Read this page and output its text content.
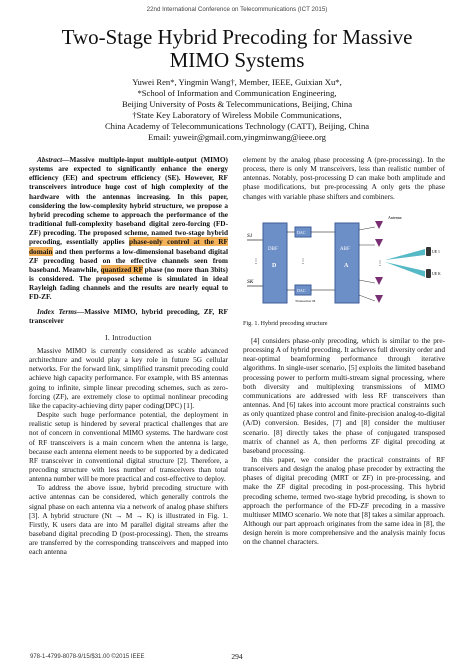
22nd International Conference on Telecommunications (ICT 2015)
Two-Stage Hybrid Precoding for Massive MIMO Systems
Yuwei Ren*, Yingmin Wang†, Member, IEEE, Guixian Xu*,
*School of Information and Communication Engineering,
Beijing University of Posts & Telecommunications, Beijing, China
†State Key Laboratory of Wireless Mobile Communications,
China Academy of Telecommunications Technology (CATT), Beijing, China
Email: yuweir@gmail.com,yingminwang@ieee.org

Abstract—Massive multiple-input multiple-output (MIMO) systems are expected to significantly enhance the energy efficiency (EE) and spectrum efficiency (SE). However, RF transceivers introduce huge cost of high complexity of the hardware with the antennas increasing. In this paper, considering the low-complexity hybrid structure, we propose a hybrid precoding scheme to approach the performance of the traditional full-complexity baseband digital zero-forcing (FD-ZF) precoding. The proposed scheme, named two-stage hybrid precoding, essentially applies phase-only control at the RF domain and then performs a low-dimensional baseband digital ZF precoding based on the effective channels seen from baseband. Meanwhile, quantized RF phase (no more than 3bits) is considered. The proposed scheme is simulated in ideal Rayleigh fading channels and the results are nearly equal to FD-ZF.

Index Terms—Massive MIMO, hybrid precoding, ZF, RF transceiver

I. Introduction

Massive MIMO is currently considered as scable advanced architechture and would play a key role in future 5G cellular networks. For the forward link, simplified transmit precoding could achieve high capacity performance. For example, with BS antennas going to infinite, simple linear precoding schemes, such as zero-forcing (ZF), are extremely close to optimal nonlinear precoding like the capacity-achieving dirty paper coding(DPC) [1].

Despite such huge performance potential, the deployment in realistic setup is hindered by several practical challenges that are not of concern in conventional MIMO systems. The hardware cost of RF transceivers is a main concern when the antenna is large, because each antenna element needs to be supported by a dedicated RF transceiver in conventional digital structure [2]. Therefore, a precoding structure with less number of transceivers than total antenna number will be more practical and cost-effective to deploy.

To address the above issue, hybrid precoding structure with active antennas can be considered, which generally controls the signal phase on each antenna via a network of analog phase shifters [3]. A hybrid structure (Nt → M → K) is illustrated in Fig. 1. Firstly, K users data are into M parallel digital streams after the baseband digital precoding D (post-processing). Then, the streams are transferred by the corresponding transceivers and mapped into each antenna

element by the analog phase processing A (pre-processing). In the process, there is only M transceivers, less than realistic number of antennas. Notably, post-processing D can make both amplitude and phase modifications, but pre-processing A only gets the phase changes with variable phase shifters and combiners.

S1
SK
⋮
DBF
D
DAC
DAC
Transceiver M
⋮
ABF
A
Antenna
⋮
UE 1
UE K
Fig. 1. Hybrid precoding structure

[4] considers phase-only precoding, which is similar to the pre-processing A of hybrid precoding. It achieves full diversity order and near-optimal beamforming performance through iterative algorithms. In single-user scenario, [5] exploits the limited baseband processing power to perform multi-stream signal processing, where both diversity and multiplexing transmissions of MIMO communications are addressed with less RF transceivers than antennas. And [6] takes into account more practical constraints such as only quantized phase control and finite-precision analog-to-digital (A/D) conversion. Besides, [7] and [8] consider the multiuser scenario. [8] directly takes the phase of conjugated transposed matrix of channel as A, then performs ZF digital precoding at baseband processing.

In this paper, we consider the practical constraints of RF transceivers and design the analog phase precoder by extracting the phases of digital precoding (MRT or ZF) in pre-processing, and make the ZF digital precoding in post-processing. This hybrid precoding scheme, termed two-stage hybrid precoding, is shown to approach the performance of the FD-ZF precoding in a massive multiuser MIMO scenario. We note that [8] takes a similar approach. Although our part approach originates from the same idea in [8], the design herein is more comprehensive and the analysis mainly focus on the channel characters.

978-1-4799-8078-9/15/$31.00 ©2015 IEEE	294
